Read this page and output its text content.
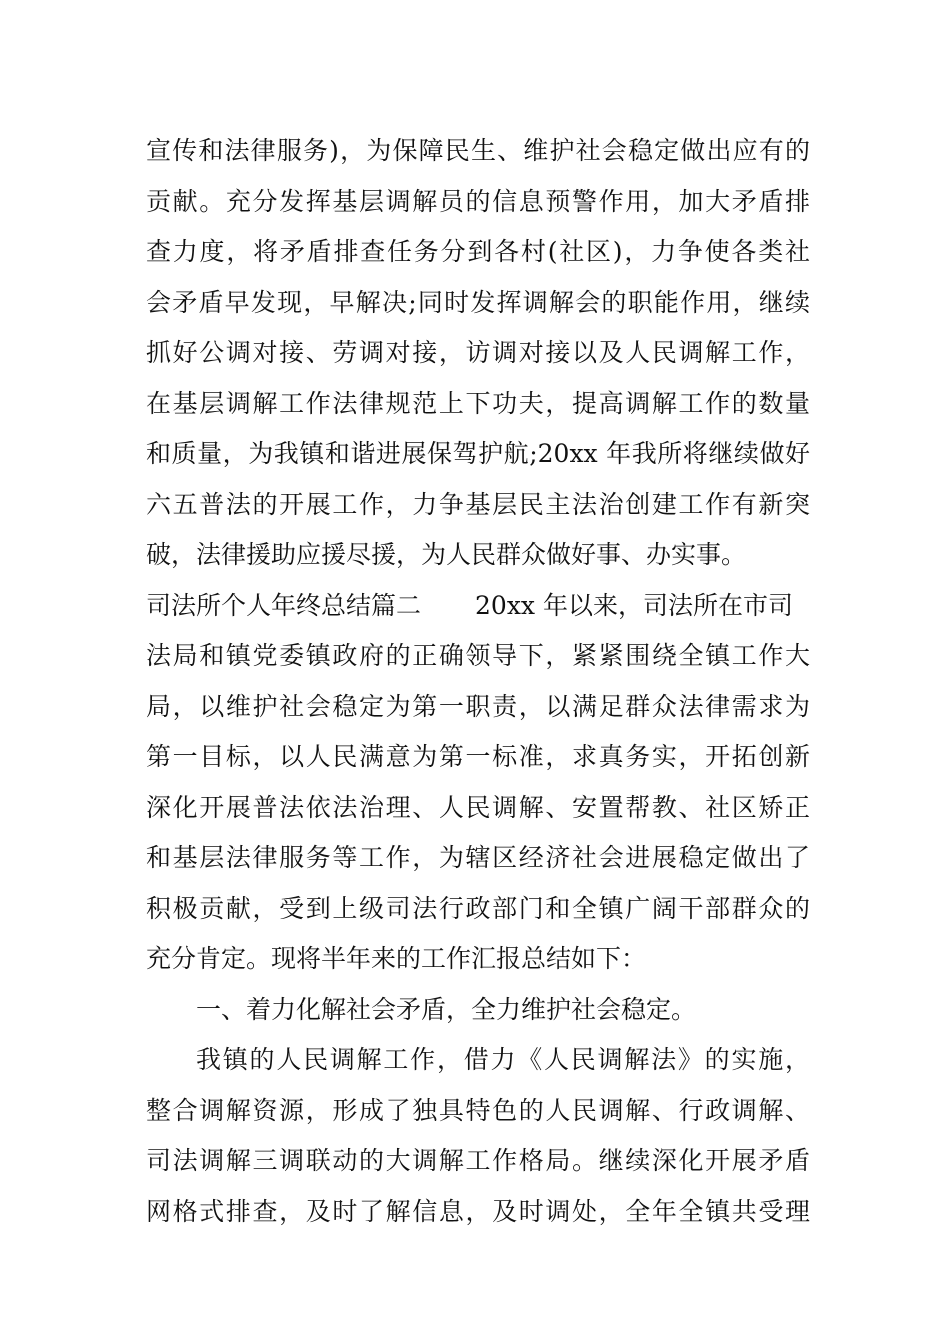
宣传和法律服务)，为保障民生、维护社会稳定做出应有的
贡献。充分发挥基层调解员的信息预警作用，加大矛盾排
查力度，将矛盾排查任务分到各村(社区)，力争使各类社
会矛盾早发现，早解决;同时发挥调解会的职能作用，继续
抓好公调对接、劳调对接，访调对接以及人民调解工作，
在基层调解工作法律规范上下功夫，提高调解工作的数量
和质量，为我镇和谐进展保驾护航;20xx 年我所将继续做好
六五普法的开展工作，力争基层民主法治创建工作有新突
破，法律援助应援尽援，为人民群众做好事、办实事。
司法所个人年终总结篇二 20xx 年以来，司法所在市司
法局和镇党委镇政府的正确领导下，紧紧围绕全镇工作大
局，以维护社会稳定为第一职责，以满足群众法律需求为
第一目标，以人民满意为第一标准，求真务实，开拓创新
深化开展普法依法治理、人民调解、安置帮教、社区矫正
和基层法律服务等工作，为辖区经济社会进展稳定做出了
积极贡献，受到上级司法行政部门和全镇广阔干部群众的
充分肯定。现将半年来的工作汇报总结如下：
一、着力化解社会矛盾，全力维护社会稳定。
我镇的人民调解工作，借力《人民调解法》的实施，
整合调解资源，形成了独具特色的人民调解、行政调解、
司法调解三调联动的大调解工作格局。继续深化开展矛盾
网格式排查，及时了解信息，及时调处，全年全镇共受理
